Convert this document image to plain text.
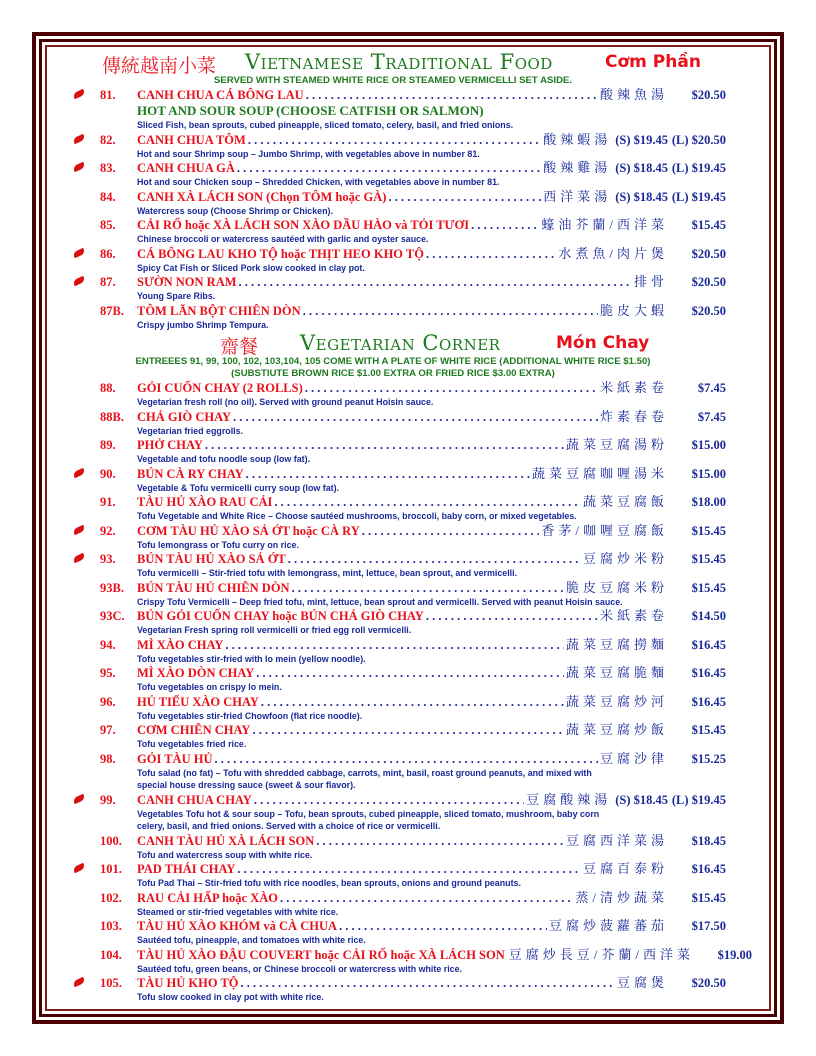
傳統越南小菜 Vietnamese Traditional Food	Cơm Phần
SERVED WITH STEAMED WHITE RICE OR STEAMED VERMICELLI SET ASIDE.
81. CANH CHUA CÁ BÔNG LAU . . .	酸辣魚湯	$20.50
HOT AND SOUR SOUP (CHOOSE CATFISH OR SALMON)
Sliced Fish, bean sprouts, cubed pineapple, sliced tomato, celery, basil, and fried onions.
82. CANH CHUA TÔM . . .	酸辣蝦湯 (S) $19.45 (L) $20.50
Hot and sour Shrimp soup – Jumbo Shrimp, with vegetables above in number 81.
83. CANH CHUA GÀ . . .	酸辣雞湯 (S) $18.45 (L) $19.45
Hot and sour Chicken soup – Shredded Chicken, with vegetables above in number 81.
84. CANH XÀ LÁCH SON (Chọn TÔM hoặc GÀ) . . .	西洋菜湯 (S) $18.45 (L) $19.45
Watercress soup (Choose Shrimp or Chicken).
85. CẢI RỔ hoặc XÀ LÁCH SON XÀO DẦU HÀO và TỎI TƯƠI . . .	蠔油芥蘭/西洋菜	$15.45
Chinese broccoli or watercress sautéed with garlic and oyster sauce.
86. CÁ BÔNG LAU KHO TỘ hoặc THỊT HEO KHO TỘ . . .	水煮魚/肉片煲	$20.50
Spicy Cat Fish or Sliced Pork slow cooked in clay pot.
87. SƯỜN NON RAM . . .	排骨	$20.50
Young Spare Ribs.
87B. TÔM LĂN BỘT CHIÊN DÒN . . .	脆皮大蝦	$20.50
Crispy jumbo Shrimp Tempura.
齋餐 Vegetarian Corner	Món Chay
ENTREEES 91, 99, 100, 102, 103,104, 105 COME WITH A PLATE OF WHITE RICE (ADDITIONAL WHITE RICE $1.50)
(SUBSTIUTE BROWN RICE $1.00 EXTRA OR FRIED RICE $3.00 EXTRA)
88. GỎI CUỐN CHAY (2 ROLLS) . . .	米紙素卷	$7.45
Vegetarian fresh roll (no oil). Served with ground peanut Hoisin sauce.
88B. CHẢ GIÒ CHAY . . .	炸素春卷	$7.45
Vegetarian fried eggrolls.
89. PHỞ CHAY . . .	蔬菜豆腐湯粉	$15.00
Vegetable and tofu noodle soup (low fat).
90. BÚN CÀ RY CHAY . . .	蔬菜豆腐咖喱湯米	$15.00
Vegetable & Tofu vermicelli curry soup (low fat).
91. TÀU HỦ XÀO RAU CẢI . . .	蔬菜豆腐飯	$18.00
Tofu Vegetable and White Rice – Choose sautéed mushrooms, broccoli, baby corn, or mixed vegetables.
92. CƠM TÀU HỦ XÀO SẢ ỚT hoặc CÀ RY . . .	香茅/咖喱豆腐飯	$15.45
Tofu lemongrass or Tofu curry on rice.
93. BÚN TÀU HỦ XÀO SẢ ỚT . . .	豆腐炒米粉	$15.45
Tofu vermicelli – Stir-fried tofu with lemongrass, mint, lettuce, bean sprout, and vermicelli.
93B. BÚN TÀU HỦ CHIÊN DÒN . . .	脆皮豆腐米粉	$15.45
Crispy Tofu Vermicelli – Deep fried tofu, mint, lettuce, bean sprout and vermicelli. Served with peanut Hoisin sauce.
93C. BÚN GỎI CUỐN CHAY hoặc BÚN CHẢ GIÒ CHAY . . .	米紙素卷	$14.50
Vegetarian Fresh spring roll vermicelli or fried egg roll vermicelli.
94. MÌ XÀO CHAY . . .	蔬菜豆腐撈麵	$16.45
Tofu vegetables stir-fried with lo mein (yellow noodle).
95. MÌ XÀO DÒN CHAY . . .	蔬菜豆腐脆麵	$16.45
Tofu vegetables on crispy lo mein.
96. HỦ TIẾU XÀO CHAY . . .	蔬菜豆腐炒河	$16.45
Tofu vegetables stir-fried Chowfoon (flat rice noodle).
97. CƠM CHIÊN CHAY . . .	蔬菜豆腐炒飯	$15.45
Tofu vegetables fried rice.
98. GỎI TÀU HỦ . . .	豆腐沙律	$15.25
Tofu salad (no fat) – Tofu with shredded cabbage, carrots, mint, basil, roast ground peanuts, and mixed with
special house dressing sauce (sweet & sour flavor).
99. CANH CHUA CHAY . . .	豆腐酸辣湯 (S) $18.45 (L) $19.45
Vegetables Tofu hot & sour soup – Tofu, bean sprouts, cubed pineapple, sliced tomato, mushroom, baby corn
celery, basil, and fried onions. Served with a choice of rice or vermicelli.
100. CANH TÀU HỦ XÀ LÁCH SON . . .	豆腐西洋菜湯	$18.45
Tofu and watercress soup with white rice.
101. PAD THÁI CHAY . . .	豆腐百泰粉	$16.45
Tofu Pad Thai – Stir-fried tofu with rice noodles, bean sprouts, onions and ground peanuts.
102. RAU CẢI HẤP hoặc XÀO . . .	蒸/清炒蔬菜	$15.45
Steamed or stir-fried vegetables with white rice.
103. TÀU HỦ XÀO KHÓM và CÀ CHUA . . .	豆腐炒菠蘿蕃茄	$17.50
Sautéed tofu, pineapple, and tomatoes with white rice.
104. TÀU HỦ XÀO ĐẬU COUVERT hoặc CẢI RỔ hoặc XÀ LÁCH SON 豆腐炒長豆/芥蘭/西洋菜	$19.00
Sautéed tofu, green beans, or Chinese broccoli or watercress with white rice.
105. TÀU HỦ KHO TỘ . . .	豆腐煲	$20.50
Tofu slow cooked in clay pot with white rice.
